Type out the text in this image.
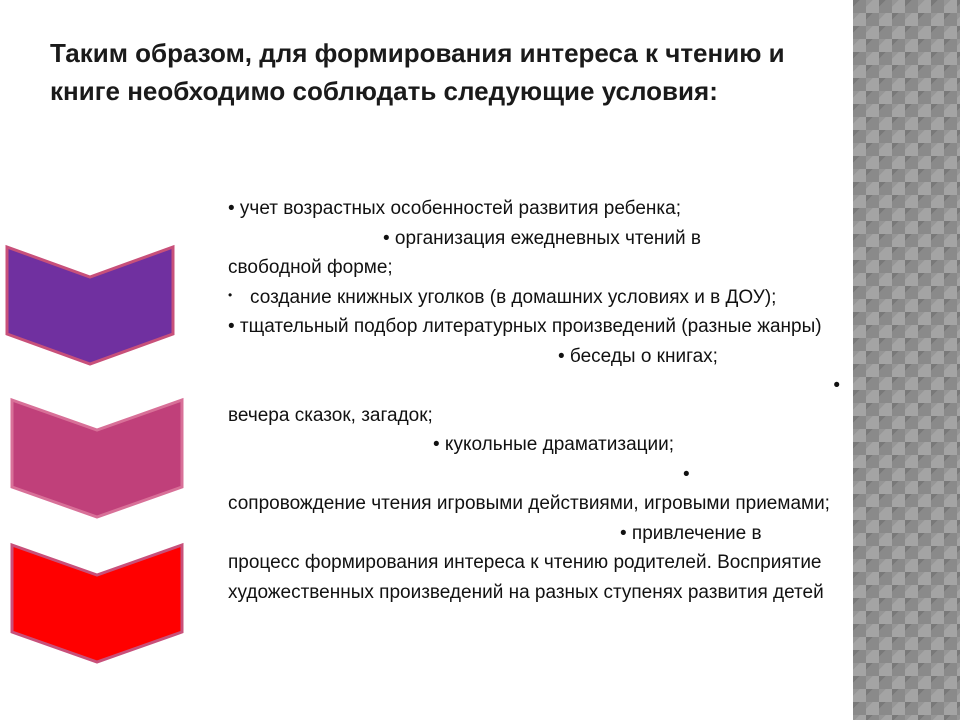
Таким образом, для формирования интереса к чтению и книге необходимо соблюдать следующие условия:

• учет возрастных особенностей развития ребенка;

• организация ежедневных чтений в

свободной форме;

• создание книжных уголков (в домашних условиях и в ДОУ);

• тщательный подбор литературных произведений (разные жанры)

• беседы о книгах;

•

вечера сказок, загадок;

• кукольные драматизации;

•

сопровождение чтения игровыми действиями, игровыми приемами;

• привлечение в

процесс формирования интереса к чтению родителей. Восприятие художественных произведений на разных ступенях развития детей
